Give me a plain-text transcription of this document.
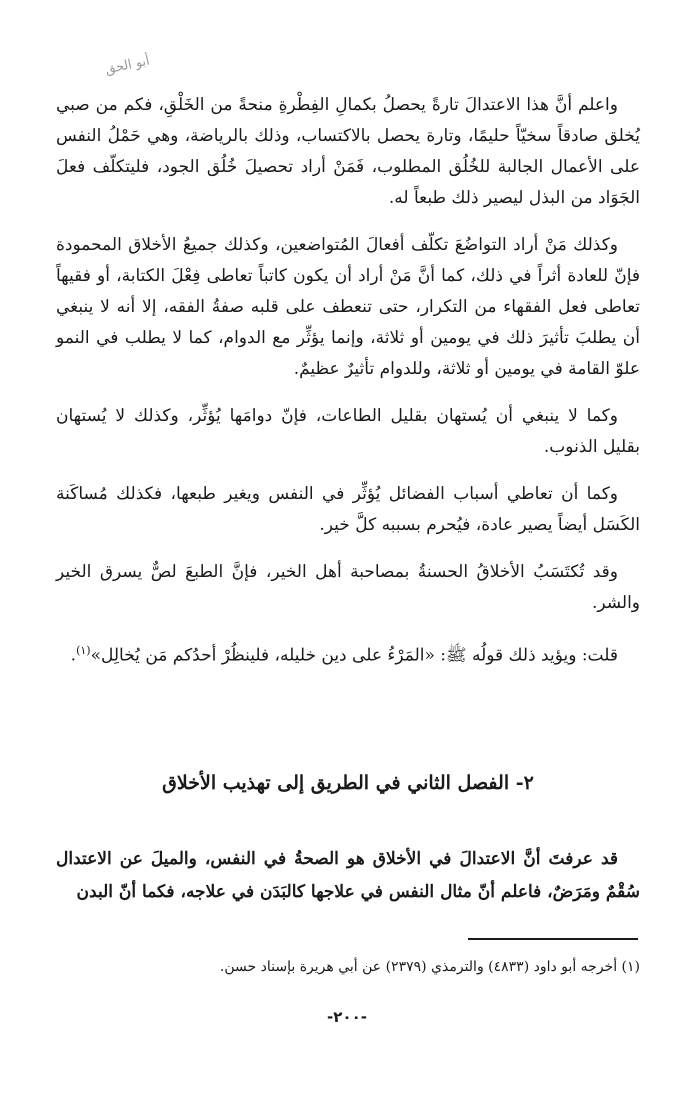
أبو الحق

واعلم أنَّ هذا الاعتدالَ تارةً يحصلُ بكمالِ الفِطْرةِ منحةً من الخَلْقِ، فكم من صبي يُخلق صادقاً سخيّاً حليمًا، وتارة يحصل بالاكتساب، وذلك بالرياضة، وهي حَمْلُ النفس على الأعمال الجالبة للخُلُق المطلوب، فَمَنْ أراد تحصيلَ خُلُق الجود، فليتكلّف فعلَ الجَوَاد من البذل ليصير ذلك طبعاً له.

وكذلك مَنْ أراد التواضُعَ تكلّف أفعالَ المُتواضعين، وكذلك جميعُ الأخلاق المحمودة فإنّ للعادة أثراً في ذلك، كما أنَّ مَنْ أراد أن يكون كاتباً تعاطى فِعْلَ الكتابة، أو فقيهاً تعاطى فعل الفقهاء من التكرار، حتى تنعطف على قلبه صفةُ الفقه، إلا أنه لا ينبغي أن يطلبَ تأثيرَ ذلك في يومين أو ثلاثة، وإنما يؤثِّر مع الدوام، كما لا يطلب في النمو علوّ القامة في يومين أو ثلاثة، وللدوام تأثيرٌ عظيمٌ.

وكما لا ينبغي أن يُستهان بقليل الطاعات، فإنّ دوامَها يُؤثِّر، وكذلك لا يُستهان بقليل الذنوب.

وكما أن تعاطي أسباب الفضائل يُؤثِّر في النفس ويغير طبعها، فكذلك مُساكَنة الكَسَل أيضاً يصير عادة، فيُحرم بسببه كلَّ خير.

وقد تُكتَسَبُ الأخلاقُ الحسنةُ بمصاحبة أهل الخير، فإنَّ الطبعَ لصٌّ يسرق الخير والشر.

قلت: ويؤيد ذلك قولُه ﷺ: «المَرْءُ على دين خليله، فلينظُرْ أحدُكم مَن يُخالِل»$^{(١)}$.

٢- الفصل الثاني في الطريق إلى تهذيب الأخلاق

قد عرفتَ أنَّ الاعتدالَ في الأخلاق هو الصحةُ في النفس، والميلَ عن الاعتدال سُقْمٌ ومَرَضٌ، فاعلم أنّ مثال النفس في علاجها كالبَدَن في علاجه، فكما أنّ البدن

(١) أخرجه أبو داود (٤٨٣٣) والترمذي (٢٣٧٩) عن أبي هريرة بإسناد حسن.
-٢٠٠-
